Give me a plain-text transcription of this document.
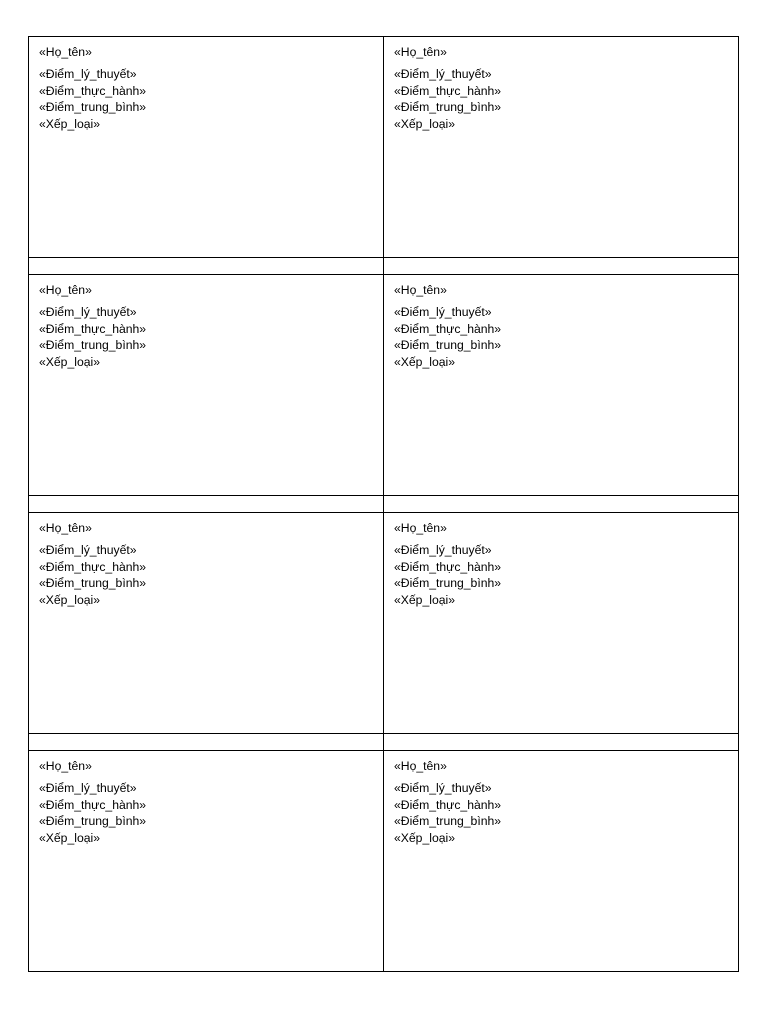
«Họ_tên»
«Điểm_lý_thuyết»
«Điểm_thực_hành»
«Điểm_trung_bình»
«Xếp_loại»	«Họ_tên»
«Điểm_lý_thuyết»
«Điểm_thực_hành»
«Điểm_trung_bình»
«Xếp_loại»

«Họ_tên»
«Điểm_lý_thuyết»
«Điểm_thực_hành»
«Điểm_trung_bình»
«Xếp_loại»	«Họ_tên»
«Điểm_lý_thuyết»
«Điểm_thực_hành»
«Điểm_trung_bình»
«Xếp_loại»

«Họ_tên»
«Điểm_lý_thuyết»
«Điểm_thực_hành»
«Điểm_trung_bình»
«Xếp_loại»	«Họ_tên»
«Điểm_lý_thuyết»
«Điểm_thực_hành»
«Điểm_trung_bình»
«Xếp_loại»

«Họ_tên»
«Điểm_lý_thuyết»
«Điểm_thực_hành»
«Điểm_trung_bình»
«Xếp_loại»	«Họ_tên»
«Điểm_lý_thuyết»
«Điểm_thực_hành»
«Điểm_trung_bình»
«Xếp_loại»
